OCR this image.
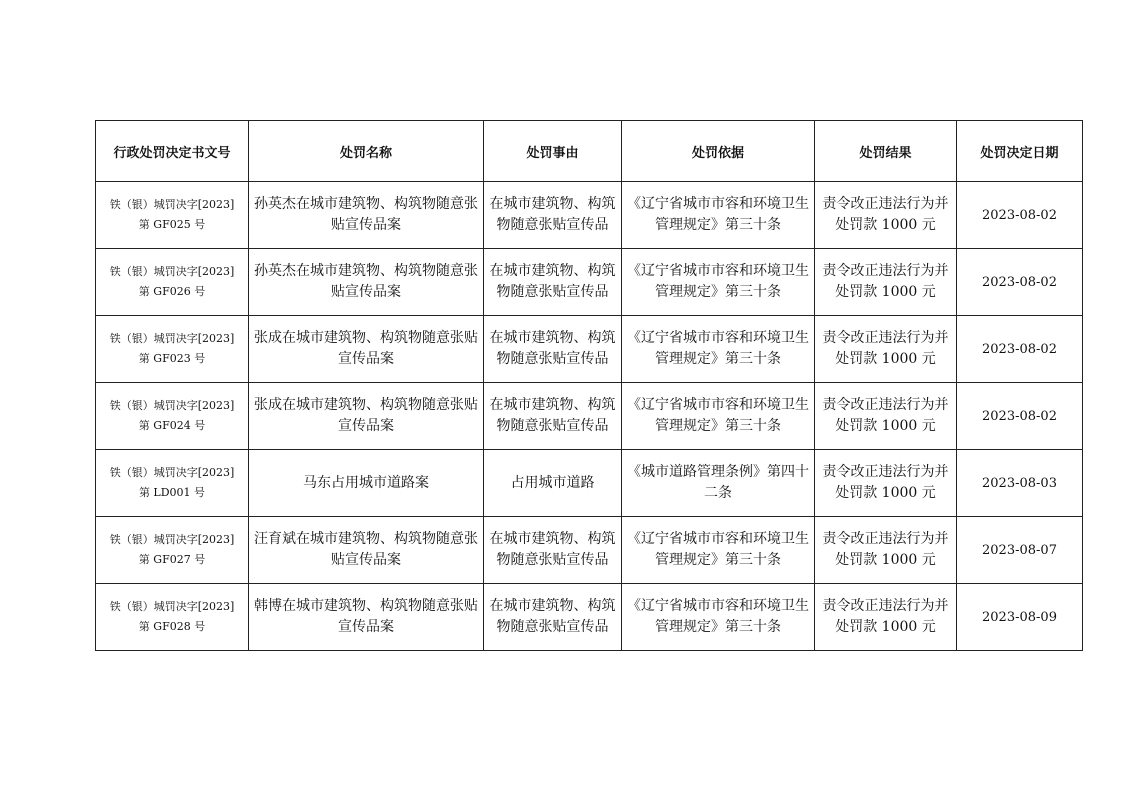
行政处罚决定书文号	处罚名称	处罚事由	处罚依据	处罚结果	处罚决定日期

铁（银）城罚决字[2023]
第 GF025 号	孙英杰在城市建筑物、构筑物随意张贴宣传品案	在城市建筑物、构筑物随意张贴宣传品	《辽宁省城市市容和环境卫生管理规定》第三十条	责令改正违法行为并处罚款 1000 元	2023-08-02

铁（银）城罚决字[2023]
第 GF026 号	孙英杰在城市建筑物、构筑物随意张贴宣传品案	在城市建筑物、构筑物随意张贴宣传品	《辽宁省城市市容和环境卫生管理规定》第三十条	责令改正违法行为并处罚款 1000 元	2023-08-02

铁（银）城罚决字[2023]
第 GF023 号	张成在城市建筑物、构筑物随意张贴宣传品案	在城市建筑物、构筑物随意张贴宣传品	《辽宁省城市市容和环境卫生管理规定》第三十条	责令改正违法行为并处罚款 1000 元	2023-08-02

铁（银）城罚决字[2023]
第 GF024 号	张成在城市建筑物、构筑物随意张贴宣传品案	在城市建筑物、构筑物随意张贴宣传品	《辽宁省城市市容和环境卫生管理规定》第三十条	责令改正违法行为并处罚款 1000 元	2023-08-02

铁（银）城罚决字[2023]
第 LD001 号	马东占用城市道路案	占用城市道路	《城市道路管理条例》第四十二条	责令改正违法行为并处罚款 1000 元	2023-08-03

铁（银）城罚决字[2023]
第 GF027 号	汪育斌在城市建筑物、构筑物随意张贴宣传品案	在城市建筑物、构筑物随意张贴宣传品	《辽宁省城市市容和环境卫生管理规定》第三十条	责令改正违法行为并处罚款 1000 元	2023-08-07

铁（银）城罚决字[2023]
第 GF028 号	韩博在城市建筑物、构筑物随意张贴宣传品案	在城市建筑物、构筑物随意张贴宣传品	《辽宁省城市市容和环境卫生管理规定》第三十条	责令改正违法行为并处罚款 1000 元	2023-08-09
